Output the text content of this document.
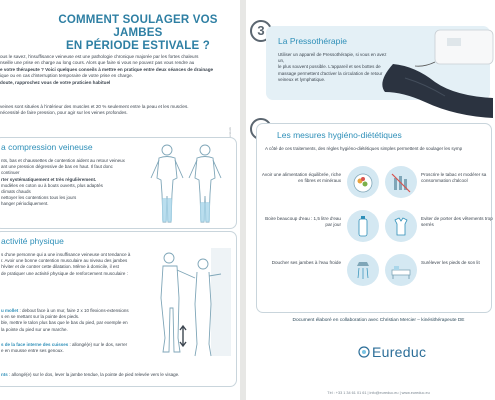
COMMENT SOULAGER VOS JAMBES
EN PÉRIODE ESTIVALE ?
ous le savez, l'insuffisance veineuse est une pathologie chronique majorée par les fortes chaleurs
nseille une prise en charge au long cours. Alors que faire si vous ne pouvez pas vous rendre au
e votre thérapeute ? Voici quelques conseils à mettre en pratique entre deux séances de drainage
ique ou en cas d'interruption temporaire de votre prise en charge.
doute, rapprochez vous de votre praticien habituel
veines sont situées à l'intérieur des muscles et 20 % seulement entre la peau et les muscles.
nécessité de faire pression, pour agir sur les veines profondes.
a compression veineuse
nts, bas et chaussettes de contention aident au retour veineux
ant une pression dégressive de bas en haut. Il faut donc continuer
rter systématiquement et très régulièrement.
modèles en coton ou à bouts ouverts, plus adaptés
climats chauds
nettoyer les contentions tous les jours
hanger périodiquement.
activité physique
s d'une personne qui a une insuffisance veineuse ont tendance à
r. Avoir une bonne contention musculaire au niveau des jambes
l'éviter et de contrer cette dilatation. Même à domicile, il est
de pratiquer une activité physique de renforcement musculaire :
u mollet : debout face à un mur, faire 2 x 10 flexions-extensions
s en se mettant sur la pointe des pieds.
ble, mettre le talon plus bas que le bas du pied, par exemple en
la pointe du pied sur une marche.
s de la face interne des cuisses : allongé(e) sur le dos, serrer
e en mousse entre ses genoux.
nts : allongé(e) sur le dos, lever la jambe tendue, la pointe de pied relevée vers le visage.
3
La Pressothérapie
Utiliser un appareil de Pressothérapie, si vous en avez un,
le plus souvent possible. L'appareil et ses bottes de
massage permettent d'activer la circulation de retour
veineux et lymphatique.
Les mesures hygiéno-diététiques
A côté de ces traitements, des règles hygiéno-diététiques simples permettent de soulager les symp
Avoir une alimentation équilibrée, riche en fibres et minéraux
Proscrire le tabac et modérer sa consommation d'alcool
Boire beaucoup d'eau : 1,5 litre d'eau par jour
Eviter de porter des vêtements trop serrés
Doucher ses jambes à l'eau froide	Surélever les pieds de son lit
Document élaboré en collaboration avec Christian Mercier – kinésithérapeute DE
Eureduc
Tél : +33 1 34 61 01 61 | info@eureduc.eu | www.eureduc.eu
